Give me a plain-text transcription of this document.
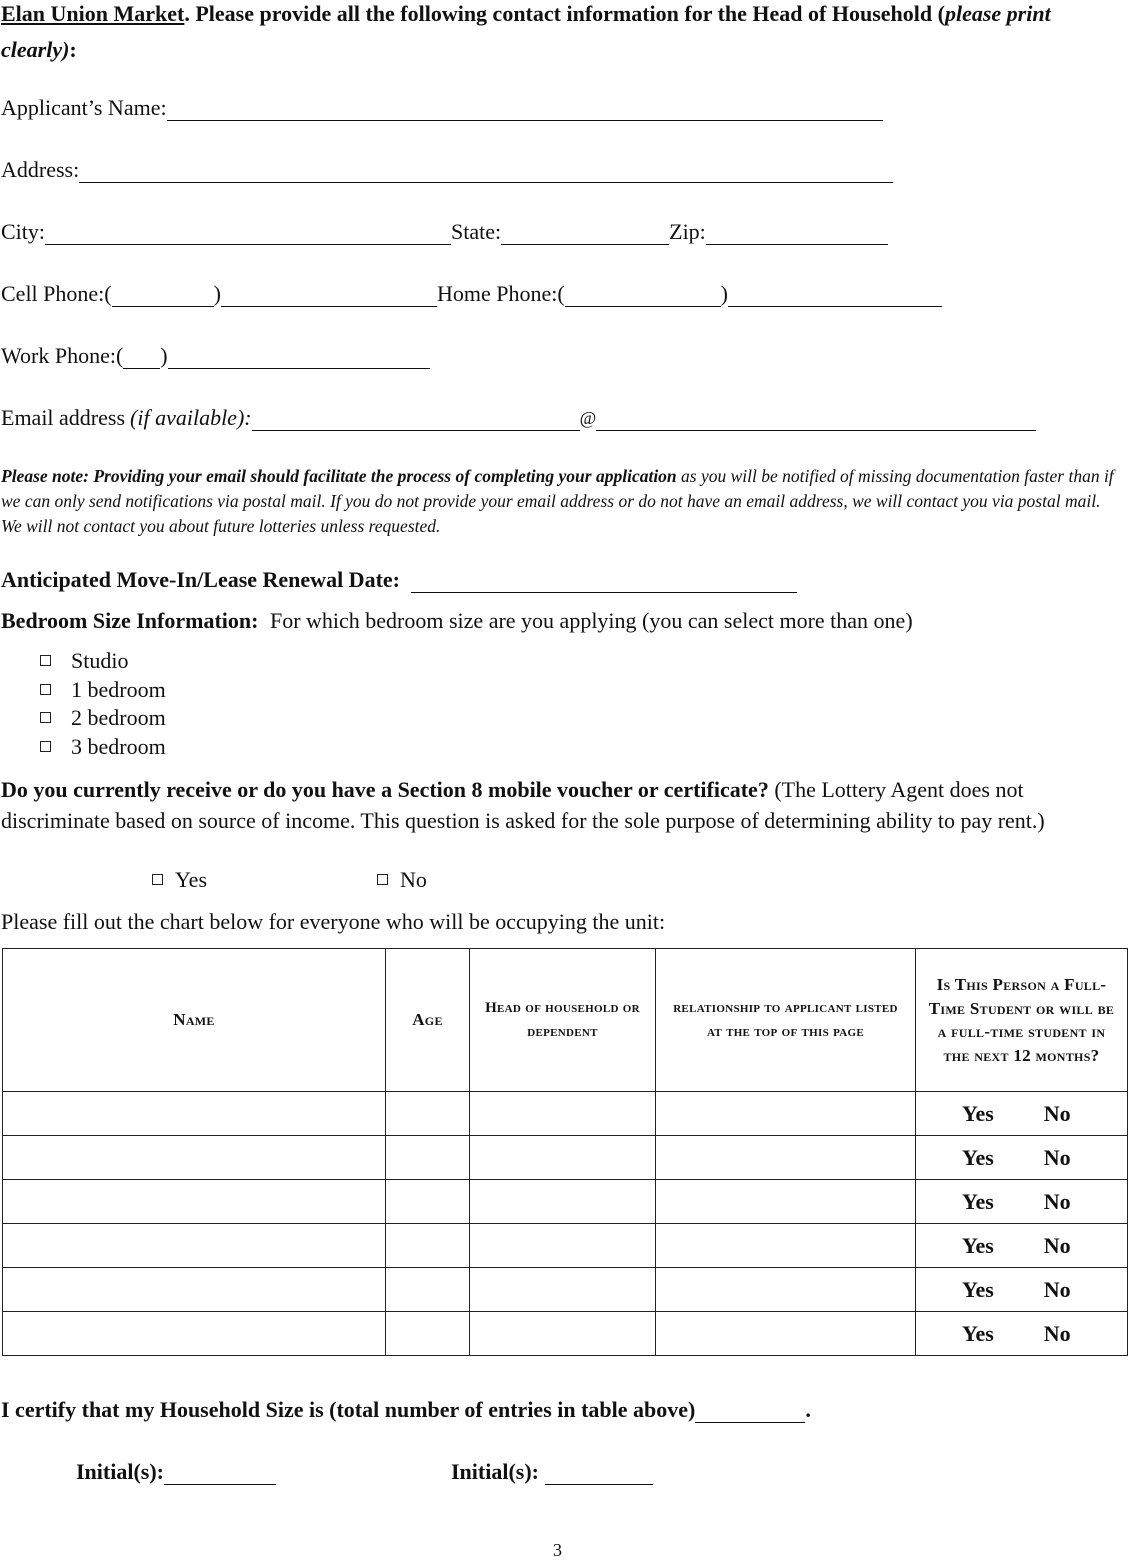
Elan Union Market. Please provide all the following contact information for the Head of Household (please print clearly):
Applicant’s Name:
Address:
City:	State:	Zip:
Cell Phone:(	)	Home Phone:(	)
Work Phone:( )
Email address (if available):	@
Please note: Providing your email should facilitate the process of completing your application as you will be notified of missing documentation faster than if we can only send notifications via postal mail. If you do not provide your email address or do not have an email address, we will contact you via postal mail. We will not contact you about future lotteries unless requested.
Anticipated Move-In/Lease Renewal Date:
Bedroom Size Information: For which bedroom size are you applying (you can select more than one)
Studio
1 bedroom
2 bedroom
3 bedroom
Do you currently receive or do you have a Section 8 mobile voucher or certificate? (The Lottery Agent does not discriminate based on source of income. This question is asked for the sole purpose of determining ability to pay rent.)
Yes	No
Please fill out the chart below for everyone who will be occupying the unit:
Name	Age	Head of household or dependent	relationship to applicant listed at the top of this page	Is This Person a Full-Time Student or will be a full-time student in the next 12 months?

				Yes No

				Yes No

				Yes No

				Yes No

				Yes No

				Yes No
I certify that my Household Size is (total number of entries in table above)	.
Initial(s):	Initial(s):
3
